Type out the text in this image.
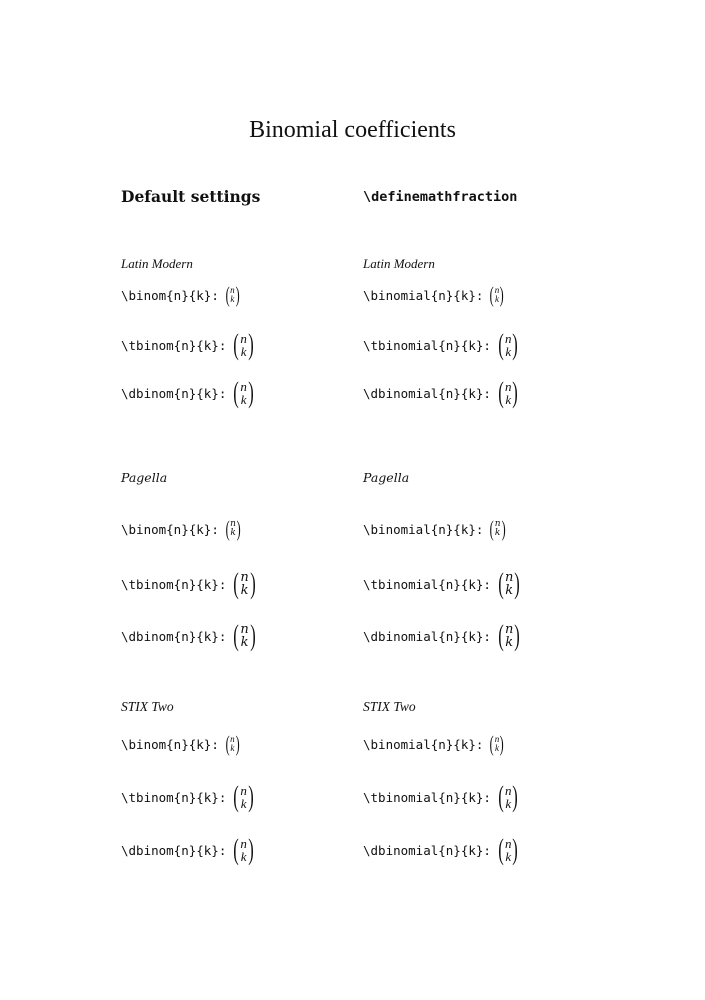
Binomial coefficients
Default settings
Latin Modern
\binom{n}{k} : ( n
k )
\tbinom{n}{k} : ( n
k )
\dbinom{n}{k} : ( n
k )
Pagella
\binom{n}{k} : ( n
k )
\tbinom{n}{k} : ( n
k )
\dbinom{n}{k} : ( n
k )
STIX Two
\binom{n}{k} : ( n
k )
\tbinom{n}{k} : ( n
k )
\dbinom{n}{k} : ( n
k )
\definemathfraction
Latin Modern
\binomial{n}{k} : ( n
k )
\tbinomial{n}{k} : ( n
k )
\dbinomial{n}{k} : ( n
k )
Pagella
\binomial{n}{k} : ( n
k )
\tbinomial{n}{k} : ( n
k )
\dbinomial{n}{k} : ( n
k )
STIX Two
\binomial{n}{k} : ( n
k )
\tbinomial{n}{k} : ( n
k )
\dbinomial{n}{k} : ( n
k )
